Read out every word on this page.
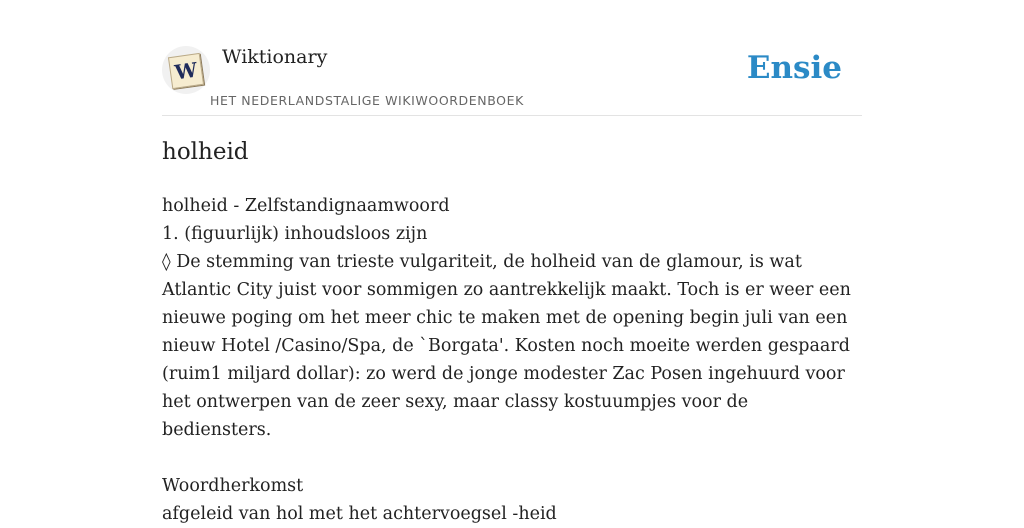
W
Wiktionary
HET NEDERLANDSTALIGE WIKIWOORDENBOEK
Ensie
holheid

holheid - Zelfstandignaamwoord

1. (figuurlijk) inhoudsloos zijn

◊ De stemming van trieste vulgariteit, de holheid van de glamour, is wat Atlantic City juist voor sommigen zo aantrekkelijk maakt. Toch is er weer een nieuwe poging om het meer chic te maken met de opening begin juli van een nieuw Hotel /Casino/Spa, de `Borgata'. Kosten noch moeite werden gespaard (ruim1 miljard dollar): zo werd de jonge modester Zac Posen ingehuurd voor het ontwerpen van de zeer sexy, maar classy kostuumpjes voor de bediensters.

Woordherkomst

afgeleid van hol met het achtervoegsel -heid
